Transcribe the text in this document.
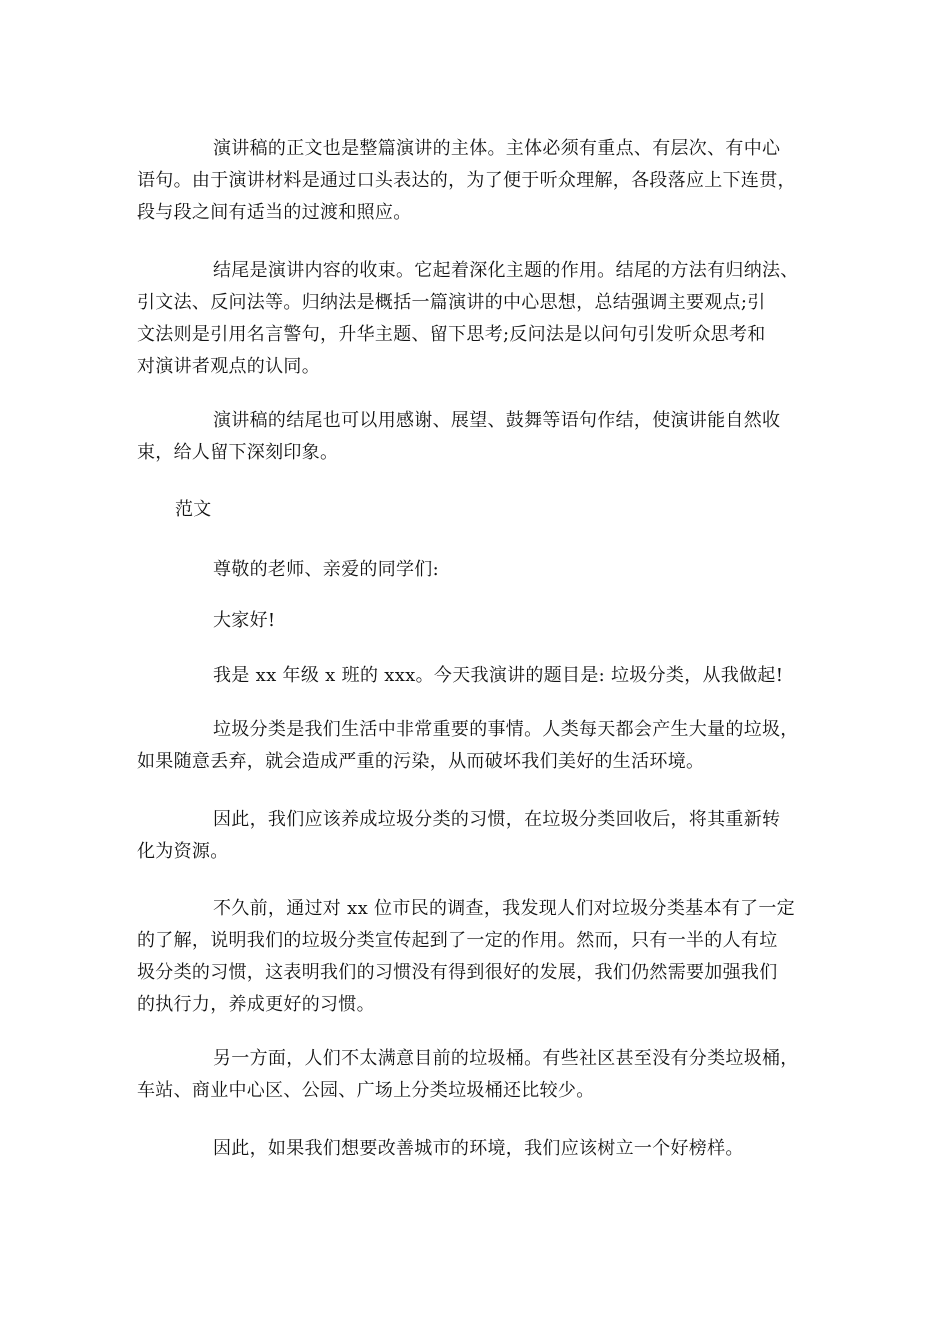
演讲稿的正文也是整篇演讲的主体。主体必须有重点、有层次、有中心
语句。由于演讲材料是通过口头表达的，为了便于听众理解，各段落应上下连贯，
段与段之间有适当的过渡和照应。
结尾是演讲内容的收束。它起着深化主题的作用。结尾的方法有归纳法、
引文法、反问法等。归纳法是概括一篇演讲的中心思想，总结强调主要观点;引
文法则是引用名言警句，升华主题、留下思考;反问法是以问句引发听众思考和
对演讲者观点的认同。
演讲稿的结尾也可以用感谢、展望、鼓舞等语句作结，使演讲能自然收
束，给人留下深刻印象。
范文
尊敬的老师、亲爱的同学们:
大家好!
我是 xx 年级 x 班的 xxx。今天我演讲的题目是: 垃圾分类，从我做起!
垃圾分类是我们生活中非常重要的事情。人类每天都会产生大量的垃圾，
如果随意丢弃，就会造成严重的污染，从而破坏我们美好的生活环境。
因此，我们应该养成垃圾分类的习惯，在垃圾分类回收后，将其重新转
化为资源。
不久前，通过对 xx 位市民的调查，我发现人们对垃圾分类基本有了一定
的了解，说明我们的垃圾分类宣传起到了一定的作用。然而，只有一半的人有垃
圾分类的习惯，这表明我们的习惯没有得到很好的发展，我们仍然需要加强我们
的执行力，养成更好的习惯。
另一方面，人们不太满意目前的垃圾桶。有些社区甚至没有分类垃圾桶，
车站、商业中心区、公园、广场上分类垃圾桶还比较少。
因此，如果我们想要改善城市的环境，我们应该树立一个好榜样。
